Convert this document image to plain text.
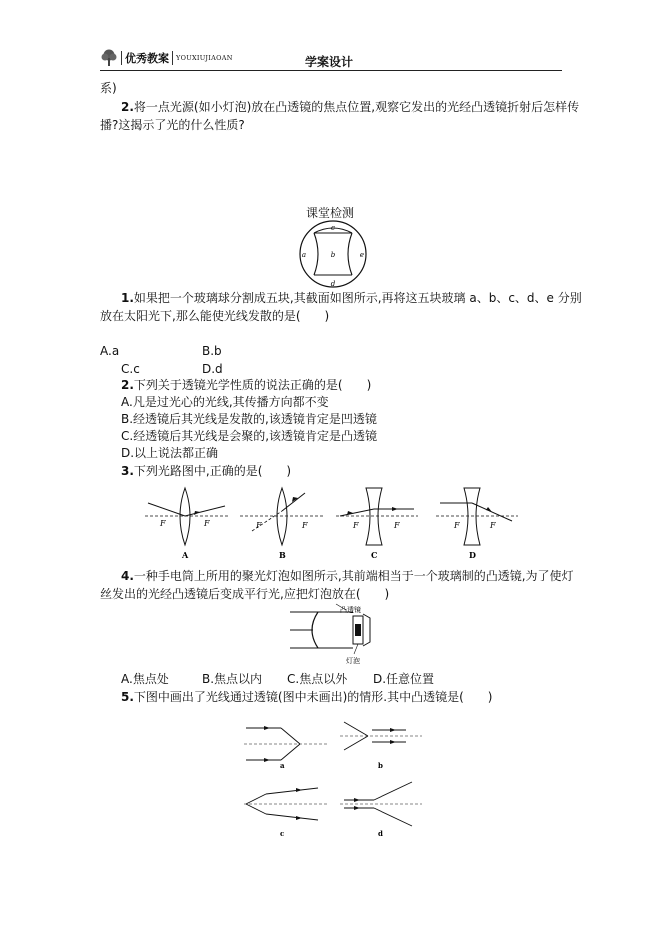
优秀教案 YOUXIUJIAOAN	学案设计
系)
2.将一点光源(如小灯泡)放在凸透镜的焦点位置,观察它发出的光经凸透镜折射后怎样传
播?这揭示了光的什么性质?
课堂检测
c
a	b	e
d
1.如果把一个玻璃球分割成五块,其截面如图所示,再将这五块玻璃 a、b、c、d、e 分别
放在太阳光下,那么能使光线发散的是(　　)
A.a	B.b
C.c	D.d
2.下列关于透镜光学性质的说法正确的是(　　)
A.凡是过光心的光线,其传播方向都不变
B.经透镜后其光线是发散的,该透镜肯定是凹透镜
C.经透镜后其光线是会聚的,该透镜肯定是凸透镜
D.以上说法都正确
3.下列光路图中,正确的是(　　)
F	F
A
F	F
B
F	F
C
F	F
D
4.一种手电筒上所用的聚光灯泡如图所示,其前端相当于一个玻璃制的凸透镜,为了使灯
丝发出的光经凸透镜后变成平行光,应把灯泡放在(　　)
凸透镜
灯泡
A.焦点处	B.焦点以内 C.焦点以外 D.任意位置
5.下图中画出了光线通过透镜(图中未画出)的情形.其中凸透镜是(　　)
a	b
c	d
